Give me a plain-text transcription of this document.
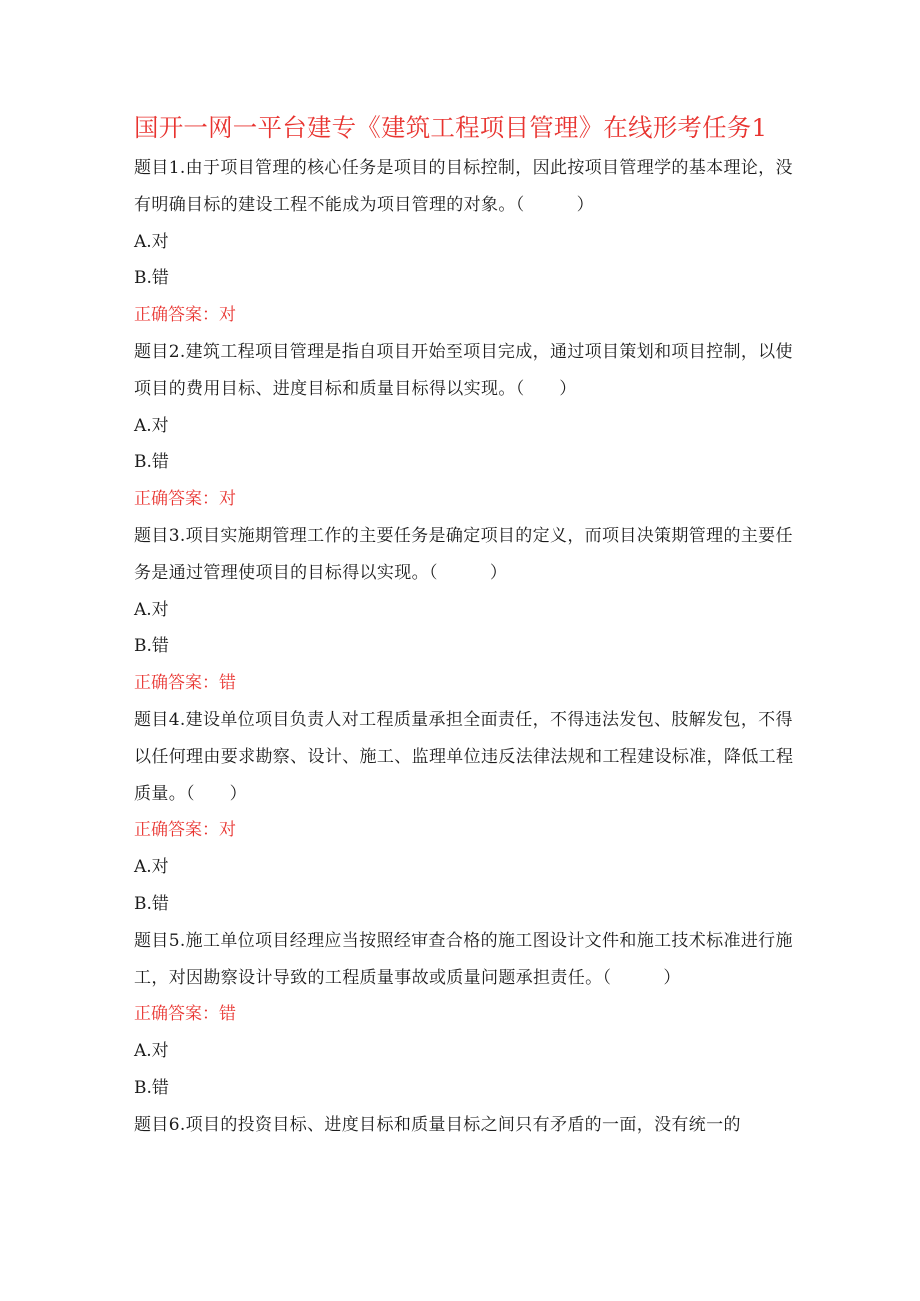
国开一网一平台建专《建筑工程项目管理》在线形考任务1

题目1.由于项目管理的核心任务是项目的目标控制，因此按项目管理学的基本理论，没有明确目标的建设工程不能成为项目管理的对象。（　　　）

A.对

B.错

正确答案：对

题目2.建筑工程项目管理是指自项目开始至项目完成，通过项目策划和项目控制，以使项目的费用目标、进度目标和质量目标得以实现。（　　）

A.对

B.错

正确答案：对

题目3.项目实施期管理工作的主要任务是确定项目的定义，而项目决策期管理的主要任务是通过管理使项目的目标得以实现。（　　　）

A.对

B.错

正确答案：错

题目4.建设单位项目负责人对工程质量承担全面责任，不得违法发包、肢解发包，不得以任何理由要求勘察、设计、施工、监理单位违反法律法规和工程建设标准，降低工程质量。（　　）

正确答案：对

A.对

B.错

题目5.施工单位项目经理应当按照经审查合格的施工图设计文件和施工技术标准进行施工，对因勘察设计导致的工程质量事故或质量问题承担责任。（　　　）

正确答案：错

A.对

B.错

题目6.项目的投资目标、进度目标和质量目标之间只有矛盾的一面，没有统一的
